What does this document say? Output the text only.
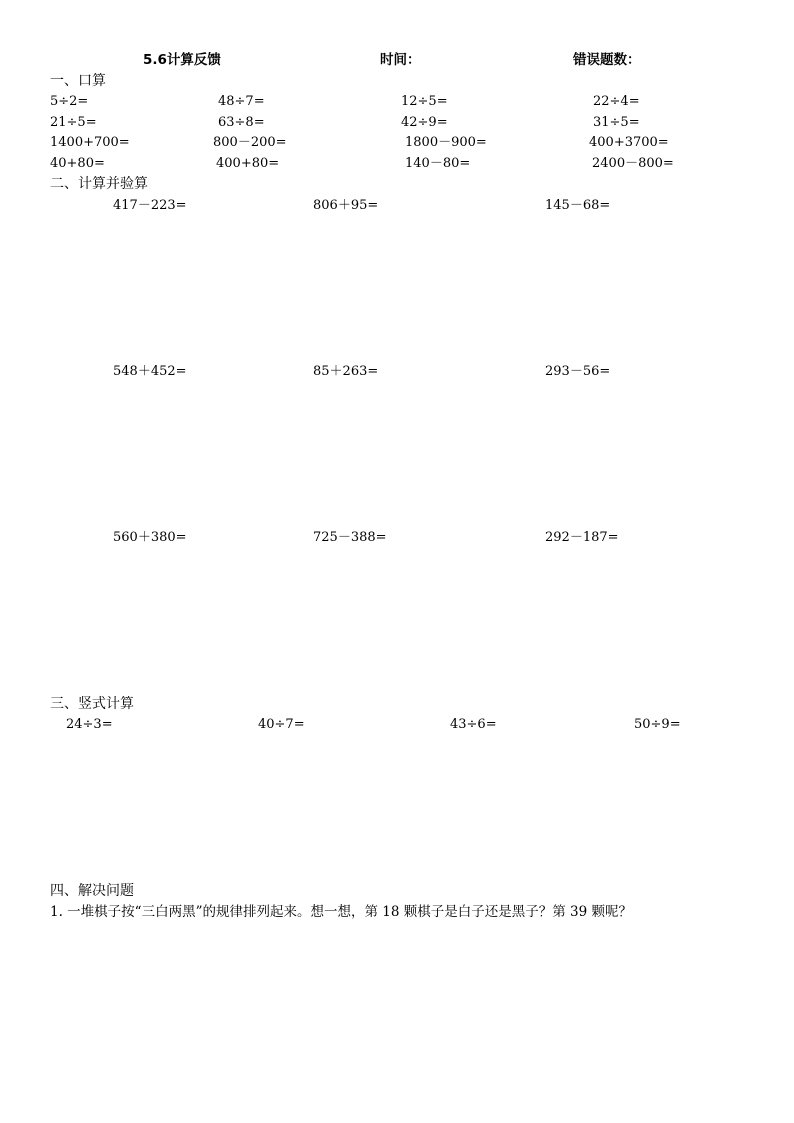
5.6计算反馈	时间：	错误题数：
一、口算
5÷2=	48÷7=	12÷5=	22÷4=
21÷5=	63÷8=	42÷9=	31÷5=
1400+700=	800－200=	1800－900=	400+3700=
40+80=	400+80=	140－80=	2400－800=
二、计算并验算
417－223=	806＋95=	145－68=
548＋452=	85＋263=	293－56=
560＋380=	725－388=	292－187=
三、竖式计算
24÷3=	40÷7=	43÷6=	50÷9=
四、解决问题
1. 一堆棋子按“三白两黑”的规律排列起来。想一想，第 18 颗棋子是白子还是黑子？第 39 颗呢？
